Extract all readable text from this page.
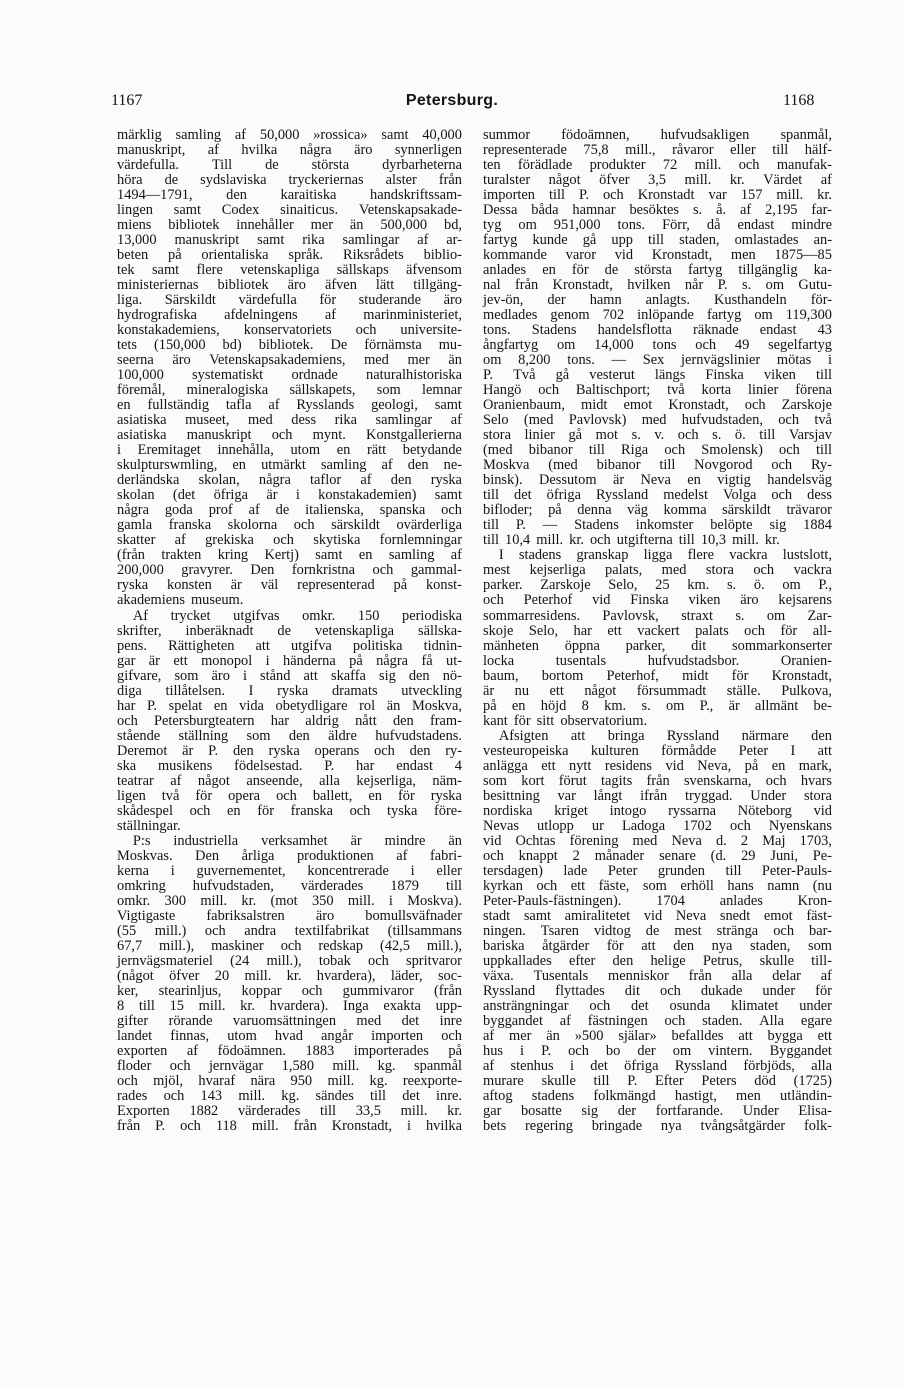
1167	Petersburg.	1168
märklig samling af 50,000 »rossica» samt 40,000
manuskript, af hvilka några äro synnerligen
värdefulla. Till de största dyrbarheterna
höra de sydslaviska tryckeriernas alster från
1494—1791, den karaitiska handskriftssam-
lingen samt Codex sinaiticus. Vetenskapsakade-
miens bibliotek innehåller mer än 500,000 bd,
13,000 manuskript samt rika samlingar af ar-
beten på orientaliska språk. Riksrådets biblio-
tek samt flere vetenskapliga sällskaps äfvensom
ministeriernas bibliotek äro äfven lätt tillgäng-
liga. Särskildt värdefulla för studerande äro
hydrografiska afdelningens af marinministeriet,
konstakademiens, konservatoriets och universite-
tets (150,000 bd) bibliotek. De förnämsta mu-
seerna äro Vetenskapsakademiens, med mer än
100,000 systematiskt ordnade naturalhistoriska
föremål, mineralogiska sällskapets, som lemnar
en fullständig tafla af Rysslands geologi, samt
asiatiska museet, med dess rika samlingar af
asiatiska manuskript och mynt. Konstgallerierna
i Eremitaget innehålla, utom en rätt betydande
skulpturswmling, en utmärkt samling af den ne-
derländska skolan, några taflor af den ryska
skolan (det öfriga är i konstakademien) samt
några goda prof af de italienska, spanska och
gamla franska skolorna och särskildt ovärderliga
skatter af grekiska och skytiska fornlemningar
(från trakten kring Kertj) samt en samling af
200,000 gravyrer. Den fornkristna och gammal-
ryska konsten är väl representerad på konst-
akademiens museum.
Af trycket utgifvas omkr. 150 periodiska
skrifter, inberäknadt de vetenskapliga sällska-
pens. Rättigheten att utgifva politiska tidnin-
gar är ett monopol i händerna på några få ut-
gifvare, som äro i stånd att skaffa sig den nö-
diga tillåtelsen. I ryska dramats utveckling
har P. spelat en vida obetydligare rol än Moskva,
och Petersburgteatern har aldrig nått den fram-
stående ställning som den äldre hufvudstadens.
Deremot är P. den ryska operans och den ry-
ska musikens födelsestad. P. har endast 4
teatrar af något anseende, alla kejserliga, näm-
ligen två för opera och ballett, en för ryska
skådespel och en för franska och tyska före-
ställningar.
P:s industriella verksamhet är mindre än
Moskvas. Den årliga produktionen af fabri-
kerna i guvernementet, koncentrerade i eller
omkring hufvudstaden, värderades 1879 till
omkr. 300 mill. kr. (mot 350 mill. i Moskva).
Vigtigaste fabriksalstren äro bomullsväfnader
(55 mill.) och andra textilfabrikat (tillsammans
67,7 mill.), maskiner och redskap (42,5 mill.),
jernvägsmateriel (24 mill.), tobak och spritvaror
(något öfver 20 mill. kr. hvardera), läder, soc-
ker, stearinljus, koppar och gummivaror (från
8 till 15 mill. kr. hvardera). Inga exakta upp-
gifter rörande varuomsättningen med det inre
landet finnas, utom hvad angår importen och
exporten af födoämnen. 1883 importerades på
floder och jernvägar 1,580 mill. kg. spanmål
och mjöl, hvaraf nära 950 mill. kg. reexporte-
rades och 143 mill. kg. sändes till det inre.
Exporten 1882 värderades till 33,5 mill. kr.
från P. och 118 mill. från Kronstadt, i hvilka
summor födoämnen, hufvudsakligen spanmål,
representerade 75,8 mill., råvaror eller till hälf-
ten förädlade produkter 72 mill. och manufak-
turalster något öfver 3,5 mill. kr. Värdet af
importen till P. och Kronstadt var 157 mill. kr.
Dessa båda hamnar besöktes s. å. af 2,195 far-
tyg om 951,000 tons. Förr, då endast mindre
fartyg kunde gå upp till staden, omlastades an-
kommande varor vid Kronstadt, men 1875—85
anlades en för de största fartyg tillgänglig ka-
nal från Kronstadt, hvilken når P. s. om Gutu-
jev-ön, der hamn anlagts. Kusthandeln för-
medlades genom 702 inlöpande fartyg om 119,300
tons. Stadens handelsflotta räknade endast 43
ångfartyg om 14,000 tons och 49 segelfartyg
om 8,200 tons. — Sex jernvägslinier mötas i
P. Två gå vesterut längs Finska viken till
Hangö och Baltischport; två korta linier förena
Oranienbaum, midt emot Kronstadt, och Zarskoje
Selo (med Pavlovsk) med hufvudstaden, och två
stora linier gå mot s. v. och s. ö. till Varsjav
(med bibanor till Riga och Smolensk) och till
Moskva (med bibanor till Novgorod och Ry-
binsk). Dessutom är Neva en vigtig handelsväg
till det öfriga Ryssland medelst Volga och dess
bifloder; på denna väg komma särskildt trävaror
till P. — Stadens inkomster belöpte sig 1884
till 10,4 mill. kr. och utgifterna till 10,3 mill. kr.
I stadens granskap ligga flere vackra lustslott,
mest kejserliga palats, med stora och vackra
parker. Zarskoje Selo, 25 km. s. ö. om P.,
och Peterhof vid Finska viken äro kejsarens
sommarresidens. Pavlovsk, straxt s. om Zar-
skoje Selo, har ett vackert palats och för all-
mänheten öppna parker, dit sommarkonserter
locka	tusentals	hufvudstadsbor.	Oranien-
baum, bortom Peterhof, midt för Kronstadt,
är nu ett något försummadt ställe. Pulkova,
på en höjd 8 km. s. om P., är allmänt be-
kant för sitt observatorium.
Afsigten att bringa Ryssland närmare den
vesteuropeiska kulturen förmådde Peter I att
anlägga ett nytt residens vid Neva, på en mark,
som kort förut tagits från svenskarna, och hvars
besittning var långt ifrån tryggad. Under stora
nordiska kriget intogo ryssarna Nöteborg vid
Nevas utlopp ur Ladoga 1702 och Nyenskans
vid Ochtas förening med Neva d. 2 Maj 1703,
och knappt 2 månader senare (d. 29 Juni, Pe-
tersdagen) lade Peter grunden till Peter-Pauls-
kyrkan och ett fäste, som erhöll hans namn (nu
Peter-Pauls-fästningen). 1704 anlades Kron-
stadt samt amiralitetet vid Neva snedt emot fäst-
ningen. Tsaren vidtog de mest stränga och bar-
bariska åtgärder för att den nya staden, som
uppkallades efter den helige Petrus, skulle till-
växa. Tusentals menniskor från alla delar af
Ryssland flyttades dit och dukade under för
ansträngningar och det osunda klimatet under
byggandet af fästningen och staden. Alla egare
af mer än »500 själar» befalldes att bygga ett
hus i P. och bo der om vintern. Byggandet
af stenhus i det öfriga Ryssland förbjöds, alla
murare skulle till P. Efter Peters död (1725)
aftog stadens folkmängd hastigt, men utländin-
gar bosatte sig der fortfarande. Under Elisa-
bets regering bringade nya tvångsåtgärder folk-
